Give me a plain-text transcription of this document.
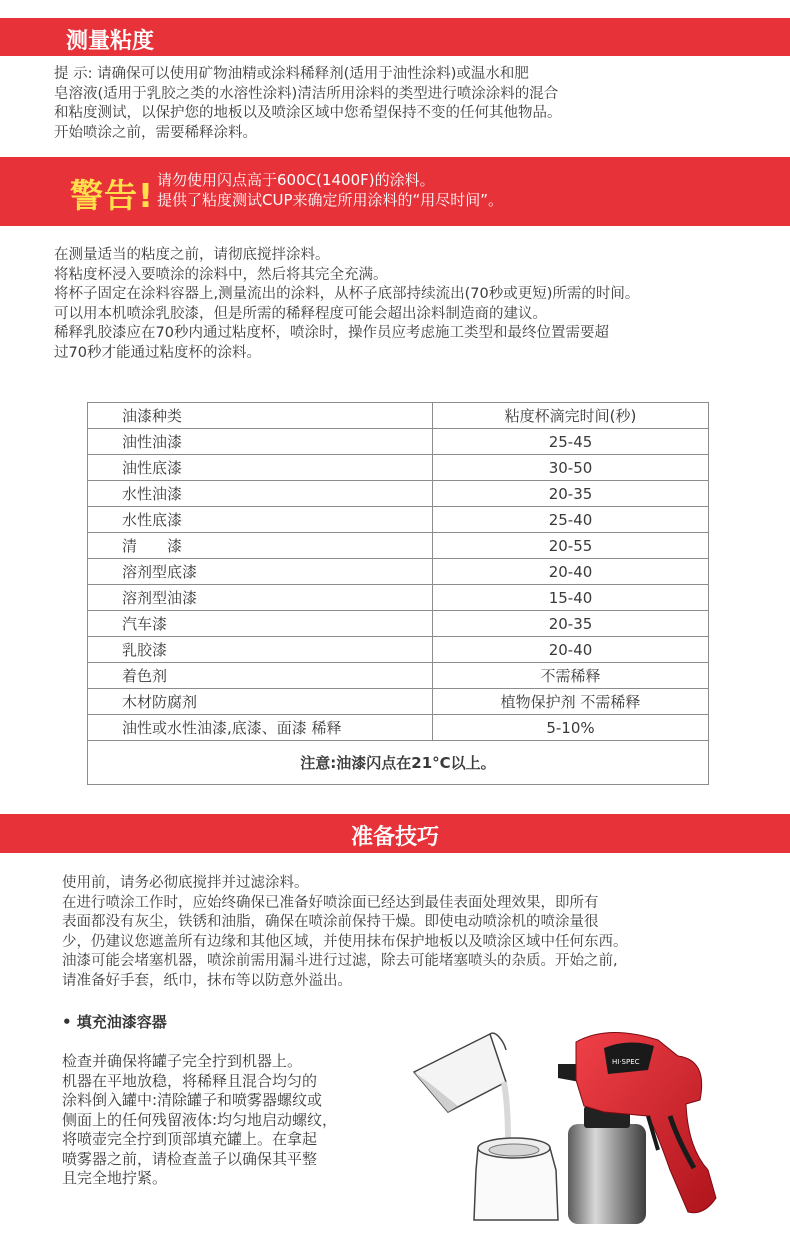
测量粘度
提 示: 请确保可以使用矿物油精或涂料稀释剂(适用于油性涂料)或温水和肥
皂溶液(适用于乳胶之类的水溶性涂料)清洁所用涂料的类型进行喷涂涂料的混合
和粘度测试，以保护您的地板以及喷涂区域中您希望保持不变的任何其他物品。
开始喷涂之前，需要稀释涂料。
警告! 请勿使用闪点高于600C(1400F)的涂料。
提供了粘度测试CUP来确定所用涂料的“用尽时间”。
在测量适当的粘度之前，请彻底搅拌涂料。
将粘度杯浸入要喷涂的涂料中，然后将其完全充满。
将杯子固定在涂料容器上,测量流出的涂料，从杯子底部持续流出(70秒或更短)所需的时间。
可以用本机喷涂乳胶漆，但是所需的稀释程度可能会超出涂料制造商的建议。
稀释乳胶漆应在70秒内通过粘度杯，喷涂时，操作员应考虑施工类型和最终位置需要超
过70秒才能通过粘度杯的涂料。
油漆种类	粘度杯滴完时间(秒)
油性油漆	25-45
油性底漆	30-50
水性油漆	20-35
水性底漆	25-40
清　　漆	20-55
溶剂型底漆	20-40
溶剂型油漆	15-40
汽车漆	20-35
乳胶漆	20-40
着色剂	不需稀释
木材防腐剂	植物保护剂 不需稀释
油性或水性油漆,底漆、面漆 稀释	5-10%
注意:油漆闪点在21°C以上。	
准备技巧
使用前，请务必彻底搅拌并过滤涂料。
在进行喷涂工作时，应始终确保已准备好喷涂面已经达到最佳表面处理效果，即所有
表面都没有灰尘，铁锈和油脂，确保在喷涂前保持干燥。即使电动喷涂机的喷涂量很
少，仍建议您遮盖所有边缘和其他区域，并使用抹布保护地板以及喷涂区域中任何东西。
油漆可能会堵塞机器，喷涂前需用漏斗进行过滤，除去可能堵塞喷头的杂质。开始之前,
请准备好手套，纸巾，抹布等以防意外溢出。
• 填充油漆容器
检查并确保将罐子完全拧到机器上。
机器在平地放稳，将稀释且混合均匀的
涂料倒入罐中:清除罐子和喷雾器螺纹或
侧面上的任何残留液体:均匀地启动螺纹，
将喷壶完全拧到顶部填充罐上。在拿起
喷雾器之前，请检查盖子以确保其平整
且完全地拧紧。
HI·SPEC
